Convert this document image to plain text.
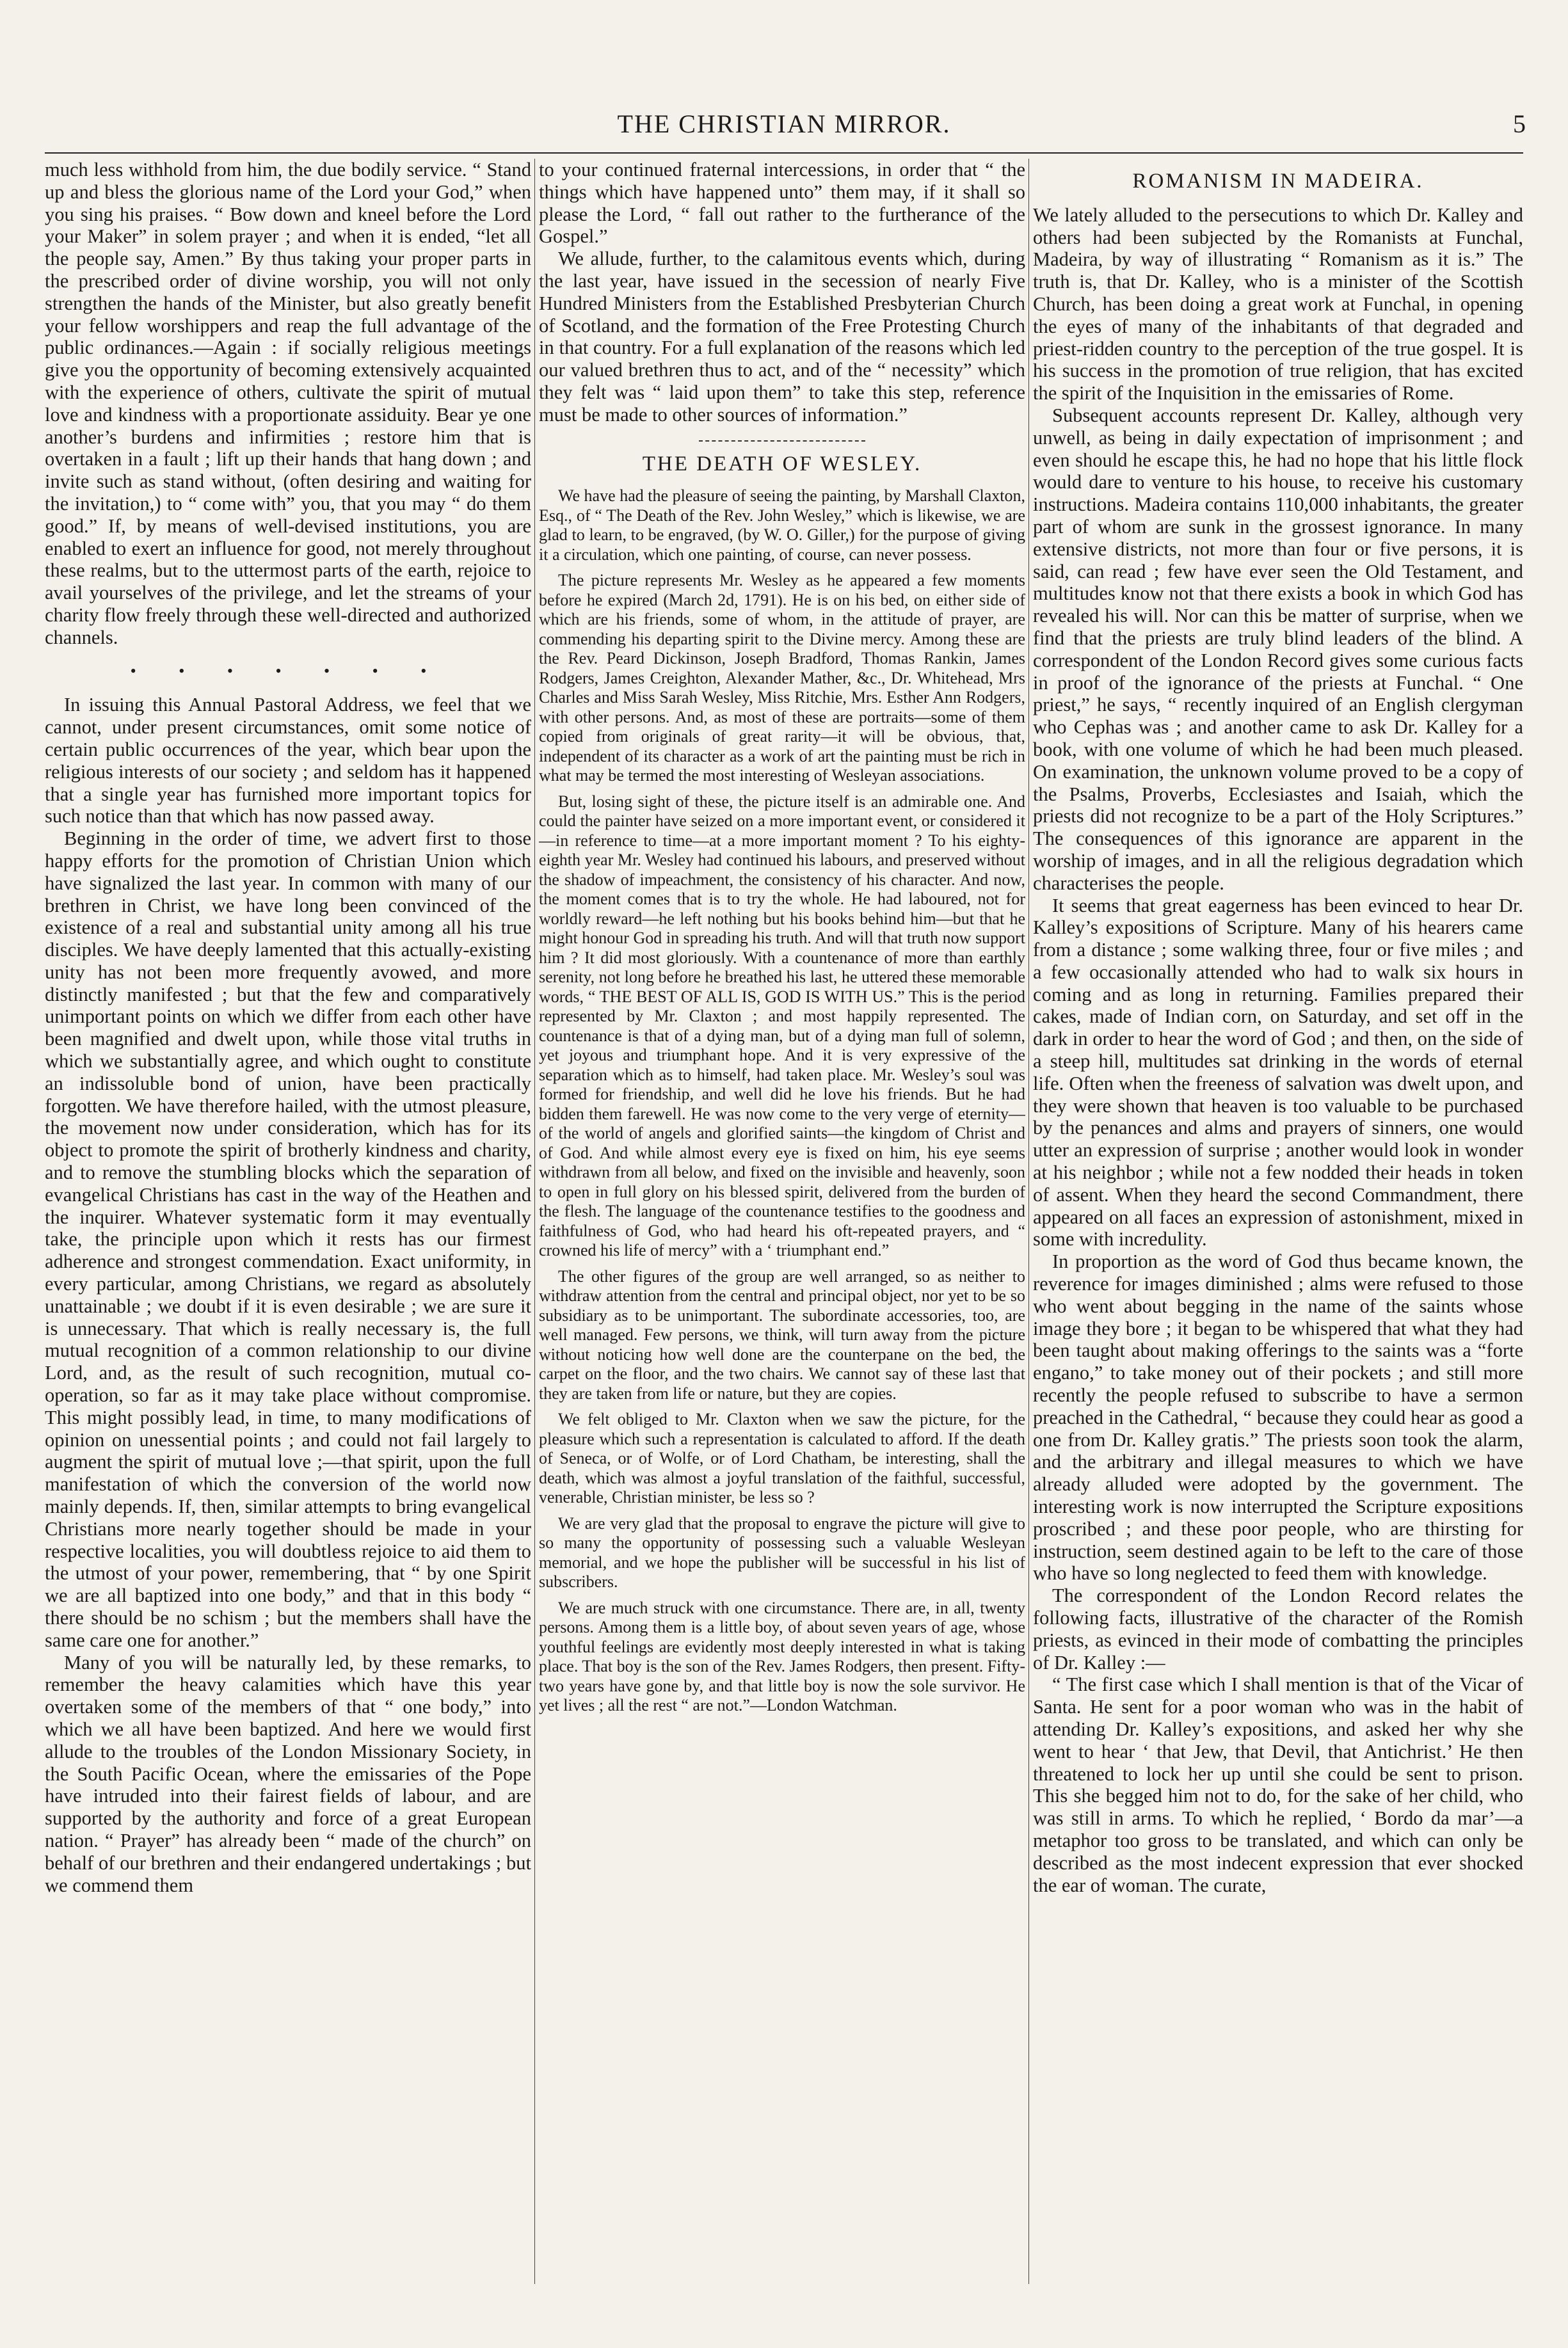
THE CHRISTIAN MIRROR.	5

much less withhold from him, the due bodily service. “ Stand up and bless the glorious name of the Lord your God,” when you sing his praises. “ Bow down and kneel before the Lord your Maker” in solem prayer ; and when it is ended, “let all the people say, Amen.” By thus taking your proper parts in the prescribed order of divine worship, you will not only strengthen the hands of the Minister, but also greatly benefit your fellow worshippers and reap the full advantage of the public ordinances.—Again : if socially religious meetings give you the opportunity of becoming extensively acquainted with the experience of others, cultivate the spirit of mutual love and kindness with a proportionate assiduity. Bear ye one another’s burdens and infirmities ; restore him that is overtaken in a fault ; lift up their hands that hang down ; and invite such as stand without, (often desiring and waiting for the invitation,) to “ come with” you, that you may “ do them good.” If, by means of well-devised institutions, you are enabled to exert an influence for good, not merely throughout these realms, but to the uttermost parts of the earth, rejoice to avail yourselves of the privilege, and let the streams of your charity flow freely through these well-directed and authorized channels.

• • • • • • •

In issuing this Annual Pastoral Address, we feel that we cannot, under present circumstances, omit some notice of certain public occurrences of the year, which bear upon the religious interests of our society ; and seldom has it happened that a single year has furnished more important topics for such notice than that which has now passed away.

Beginning in the order of time, we advert first to those happy efforts for the promotion of Christian Union which have signalized the last year. In common with many of our brethren in Christ, we have long been convinced of the existence of a real and substantial unity among all his true disciples. We have deeply lamented that this actually-existing unity has not been more frequently avowed, and more distinctly manifested ; but that the few and comparatively unimportant points on which we differ from each other have been magnified and dwelt upon, while those vital truths in which we substantially agree, and which ought to constitute an indissoluble bond of union, have been practically forgotten. We have therefore hailed, with the utmost pleasure, the movement now under consideration, which has for its object to promote the spirit of brotherly kindness and charity, and to remove the stumbling blocks which the separation of evangelical Christians has cast in the way of the Heathen and the inquirer. Whatever systematic form it may eventually take, the principle upon which it rests has our firmest adherence and strongest commendation. Exact uniformity, in every particular, among Christians, we regard as absolutely unattainable ; we doubt if it is even desirable ; we are sure it is unnecessary. That which is really necessary is, the full mutual recognition of a common relationship to our divine Lord, and, as the result of such recognition, mutual co-operation, so far as it may take place without compromise. This might possibly lead, in time, to many modifications of opinion on unessential points ; and could not fail largely to augment the spirit of mutual love ;—that spirit, upon the full manifestation of which the conversion of the world now mainly depends. If, then, similar attempts to bring evangelical Christians more nearly together should be made in your respective localities, you will doubtless rejoice to aid them to the utmost of your power, remembering, that “ by one Spirit we are all baptized into one body,” and that in this body “ there should be no schism ; but the members shall have the same care one for another.”

Many of you will be naturally led, by these remarks, to remember the heavy calamities which have this year overtaken some of the members of that “ one body,” into which we all have been baptized. And here we would first allude to the troubles of the London Missionary Society, in the South Pacific Ocean, where the emissaries of the Pope have intruded into their fairest fields of labour, and are supported by the authority and force of a great European nation. “ Prayer” has already been “ made of the church” on behalf of our brethren and their endangered undertakings ; but we commend them

to your continued fraternal intercessions, in order that “ the things which have happened unto” them may, if it shall so please the Lord, “ fall out rather to the furtherance of the Gospel.”

We allude, further, to the calamitous events which, during the last year, have issued in the secession of nearly Five Hundred Ministers from the Established Presbyterian Church of Scotland, and the formation of the Free Protesting Church in that country. For a full explanation of the reasons which led our valued brethren thus to act, and of the “ necessity” which they felt was “ laid upon them” to take this step, reference must be made to other sources of information.”

THE DEATH OF WESLEY.

We have had the pleasure of seeing the painting, by Marshall Claxton, Esq., of “ The Death of the Rev. John Wesley,” which is likewise, we are glad to learn, to be engraved, (by W. O. Giller,) for the purpose of giving it a circulation, which one painting, of course, can never possess.

The picture represents Mr. Wesley as he appeared a few moments before he expired (March 2d, 1791). He is on his bed, on either side of which are his friends, some of whom, in the attitude of prayer, are commending his departing spirit to the Divine mercy. Among these are the Rev. Peard Dickinson, Joseph Bradford, Thomas Rankin, James Rodgers, James Creighton, Alexander Mather, &c., Dr. Whitehead, Mrs Charles and Miss Sarah Wesley, Miss Ritchie, Mrs. Esther Ann Rodgers, with other persons. And, as most of these are portraits—some of them copied from originals of great rarity—it will be obvious, that, independent of its character as a work of art the painting must be rich in what may be termed the most interesting of Wesleyan associations.

But, losing sight of these, the picture itself is an admirable one. And could the painter have seized on a more important event, or considered it—in reference to time—at a more important moment ? To his eighty-eighth year Mr. Wesley had continued his labours, and preserved without the shadow of impeachment, the consistency of his character. And now, the moment comes that is to try the whole. He had laboured, not for worldly reward—he left nothing but his books behind him—but that he might honour God in spreading his truth. And will that truth now support him ? It did most gloriously. With a countenance of more than earthly serenity, not long before he breathed his last, he uttered these memorable words, “ THE BEST OF ALL IS, GOD IS WITH US.” This is the period represented by Mr. Claxton ; and most happily represented. The countenance is that of a dying man, but of a dying man full of solemn, yet joyous and triumphant hope. And it is very expressive of the separation which as to himself, had taken place. Mr. Wesley’s soul was formed for friendship, and well did he love his friends. But he had bidden them farewell. He was now come to the very verge of eternity—of the world of angels and glorified saints—the kingdom of Christ and of God. And while almost every eye is fixed on him, his eye seems withdrawn from all below, and fixed on the invisible and heavenly, soon to open in full glory on his blessed spirit, delivered from the burden of the flesh. The language of the countenance testifies to the goodness and faithfulness of God, who had heard his oft-repeated prayers, and “ crowned his life of mercy” with a ‘ triumphant end.”

The other figures of the group are well arranged, so as neither to withdraw attention from the central and principal object, nor yet to be so subsidiary as to be unimportant. The subordinate accessories, too, are well managed. Few persons, we think, will turn away from the picture without noticing how well done are the counterpane on the bed, the carpet on the floor, and the two chairs. We cannot say of these last that they are taken from life or nature, but they are copies.

We felt obliged to Mr. Claxton when we saw the picture, for the pleasure which such a representation is calculated to afford. If the death of Seneca, or of Wolfe, or of Lord Chatham, be interesting, shall the death, which was almost a joyful translation of the faithful, successful, venerable, Christian minister, be less so ?

We are very glad that the proposal to engrave the picture will give to so many the opportunity of possessing such a valuable Wesleyan memorial, and we hope the publisher will be successful in his list of subscribers.

We are much struck with one circumstance. There are, in all, twenty persons. Among them is a little boy, of about seven years of age, whose youthful feelings are evidently most deeply interested in what is taking place. That boy is the son of the Rev. James Rodgers, then present. Fifty-two years have gone by, and that little boy is now the sole survivor. He yet lives ; all the rest “ are not.”—London Watchman.

ROMANISM IN MADEIRA.

We lately alluded to the persecutions to which Dr. Kalley and others had been subjected by the Romanists at Funchal, Madeira, by way of illustrating “ Romanism as it is.” The truth is, that Dr. Kalley, who is a minister of the Scottish Church, has been doing a great work at Funchal, in opening the eyes of many of the inhabitants of that degraded and priest-ridden country to the perception of the true gospel. It is his success in the promotion of true religion, that has excited the spirit of the Inquisition in the emissaries of Rome.

Subsequent accounts represent Dr. Kalley, although very unwell, as being in daily expectation of imprisonment ; and even should he escape this, he had no hope that his little flock would dare to venture to his house, to receive his customary instructions. Madeira contains 110,000 inhabitants, the greater part of whom are sunk in the grossest ignorance. In many extensive districts, not more than four or five persons, it is said, can read ; few have ever seen the Old Testament, and multitudes know not that there exists a book in which God has revealed his will. Nor can this be matter of surprise, when we find that the priests are truly blind leaders of the blind. A correspondent of the London Record gives some curious facts in proof of the ignorance of the priests at Funchal. “ One priest,” he says, “ recently inquired of an English clergyman who Cephas was ; and another came to ask Dr. Kalley for a book, with one volume of which he had been much pleased. On examination, the unknown volume proved to be a copy of the Psalms, Proverbs, Ecclesiastes and Isaiah, which the priests did not recognize to be a part of the Holy Scriptures.” The consequences of this ignorance are apparent in the worship of images, and in all the religious degradation which characterises the people.

It seems that great eagerness has been evinced to hear Dr. Kalley’s expositions of Scripture. Many of his hearers came from a distance ; some walking three, four or five miles ; and a few occasionally attended who had to walk six hours in coming and as long in returning. Families prepared their cakes, made of Indian corn, on Saturday, and set off in the dark in order to hear the word of God ; and then, on the side of a steep hill, multitudes sat drinking in the words of eternal life. Often when the freeness of salvation was dwelt upon, and they were shown that heaven is too valuable to be purchased by the penances and alms and prayers of sinners, one would utter an expression of surprise ; another would look in wonder at his neighbor ; while not a few nodded their heads in token of assent. When they heard the second Commandment, there appeared on all faces an expression of astonishment, mixed in some with incredulity.

In proportion as the word of God thus became known, the reverence for images diminished ; alms were refused to those who went about begging in the name of the saints whose image they bore ; it began to be whispered that what they had been taught about making offerings to the saints was a “forte engano,” to take money out of their pockets ; and still more recently the people refused to subscribe to have a sermon preached in the Cathedral, “ because they could hear as good a one from Dr. Kalley gratis.” The priests soon took the alarm, and the arbitrary and illegal measures to which we have already alluded were adopted by the government. The interesting work is now interrupted the Scripture expositions proscribed ; and these poor people, who are thirsting for instruction, seem destined again to be left to the care of those who have so long neglected to feed them with knowledge.

The correspondent of the London Record relates the following facts, illustrative of the character of the Romish priests, as evinced in their mode of combatting the principles of Dr. Kalley :—

“ The first case which I shall mention is that of the Vicar of Santa. He sent for a poor woman who was in the habit of attending Dr. Kalley’s expositions, and asked her why she went to hear ‘ that Jew, that Devil, that Antichrist.’ He then threatened to lock her up until she could be sent to prison. This she begged him not to do, for the sake of her child, who was still in arms. To which he replied, ‘ Bordo da mar’—a metaphor too gross to be translated, and which can only be described as the most indecent expression that ever shocked the ear of woman. The curate,
